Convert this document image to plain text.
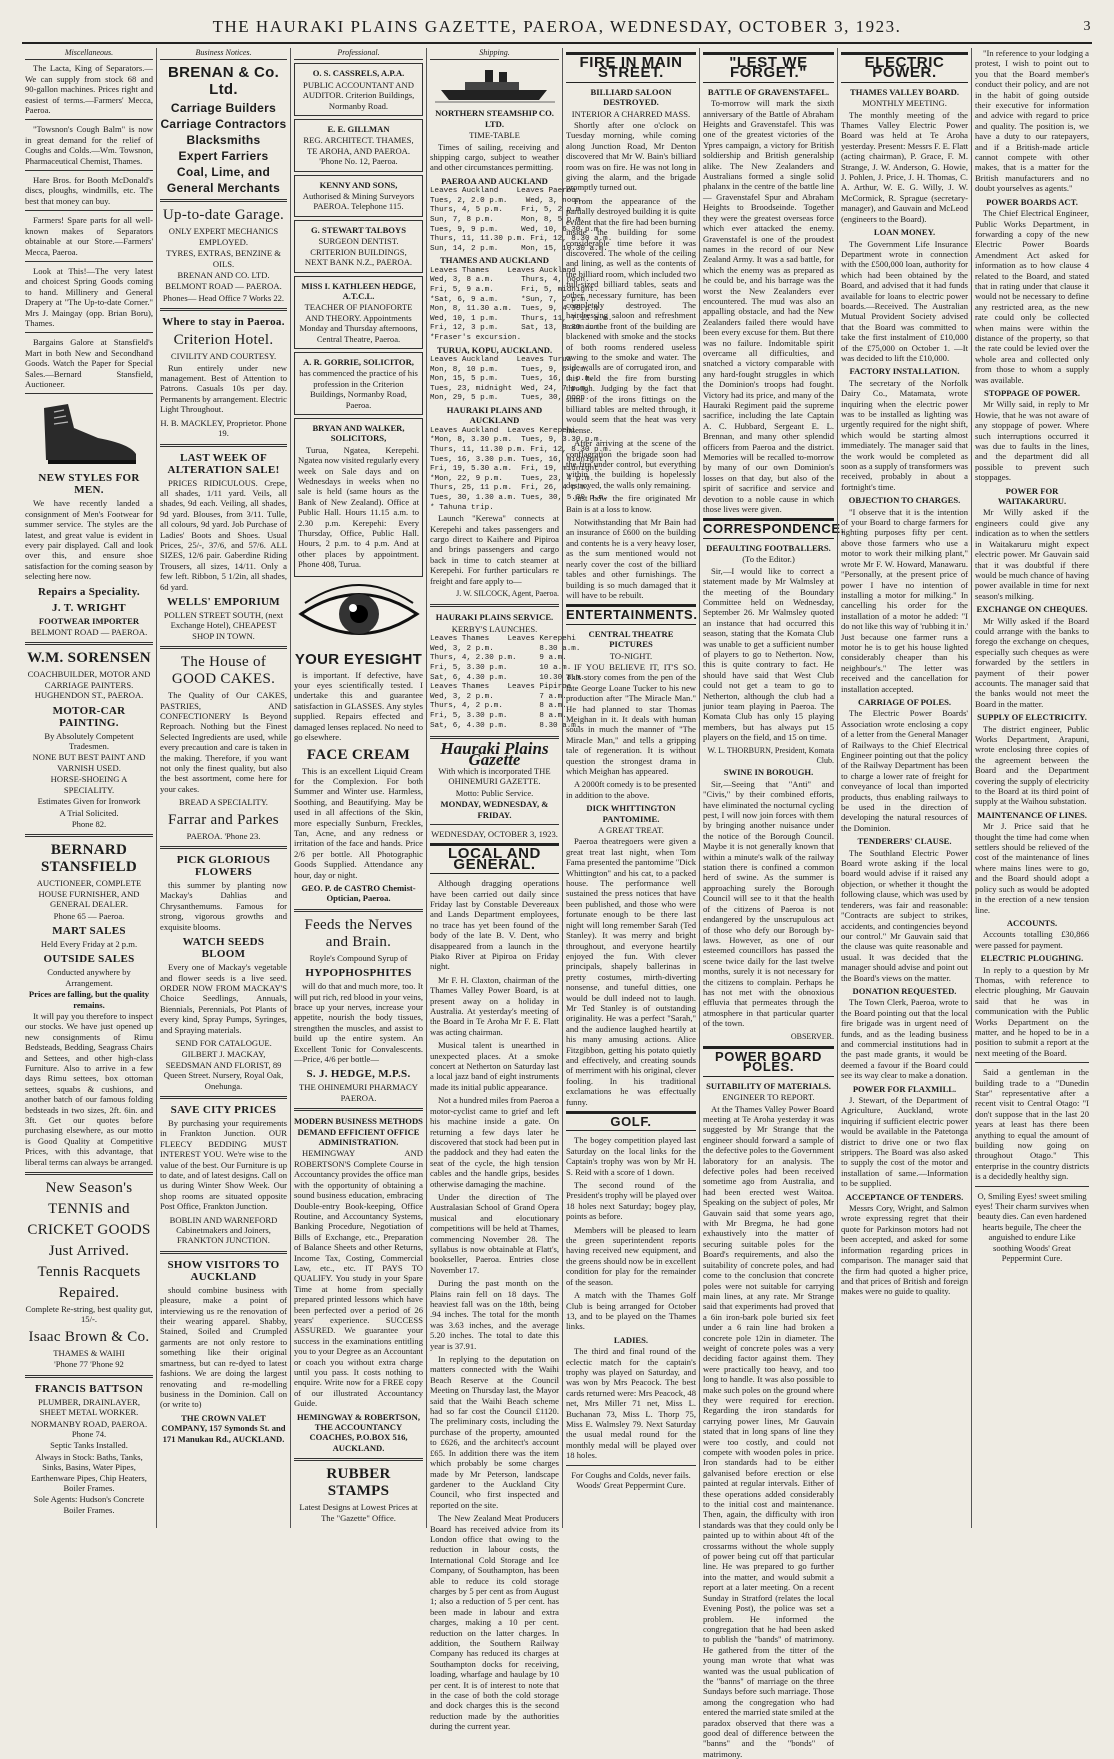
THE HAURAKI PLAINS GAZETTE, PAEROA, WEDNESDAY, OCTOBER 3, 1923.	3
Miscellaneous.

The Lacta, King of Separators.—We can supply from stock 68 and 90-gallon machines. Prices right and easiest of terms.—Farmers' Mecca, Paeroa.

"Towsnon's Cough Balm" is now in great demand for the relief of Coughs and Colds.—Wm. Towsnon, Pharmaceutical Chemist, Thames.

Hare Bros. for Booth McDonald's discs, ploughs, windmills, etc. The best that money can buy.

Farmers! Spare parts for all well-known makes of Separators obtainable at our Store.—Farmers' Mecca, Paeroa.

Look at This!—The very latest and choicest Spring Goods coming to hand. Millinery and General Drapery at "The Up-to-date Corner." Mrs J. Maingay (opp. Brian Boru), Thames.

Bargains Galore at Stansfield's Mart in both New and Secondhand Goods. Watch the Paper for Special Sales.—Bernard Stansfield, Auctioneer.

NEW STYLES FOR MEN.

We have recently landed a consignment of Men's Footwear for summer service. The styles are the latest, and great value is evident in every pair displayed. Call and look over this, and ensure shoe satisfaction for the coming season by selecting here now.

Repairs a Speciality.
J. T. WRIGHT
FOOTWEAR IMPORTER
BELMONT ROAD — PAEROA.
W.M. SORENSEN
COACHBUILDER, MOTOR AND CARRIAGE PAINTERS. HUGHENDON ST., PAEROA.
MOTOR-CAR PAINTING.
By Absolutely Competent Tradesmen.
NONE BUT BEST PAINT AND VARNISH USED.
HORSE-SHOEING A SPECIALITY.
Estimates Given for Ironwork
A Trial Solicited.
Phone 82.
BERNARD STANSFIELD
AUCTIONEER, COMPLETE HOUSE FURNISHER, AND GENERAL DEALER.
Phone 65 — Paeroa.
MART SALES
Held Every Friday at 2 p.m.
OUTSIDE SALES
Conducted anywhere by Arrangement.
Prices are falling, but the quality remains.

It will pay you therefore to inspect our stocks. We have just opened up new consignments of Rimu Bedsteads, Bedding, Seagrass Chairs and Settees, and other high-class Furniture. Also to arrive in a few days Rimu settees, box ottoman settees, squabs & cushions, and another batch of our famous folding bedsteads in two sizes, 2ft. 6in. and 3ft. Get our quotes before purchasing elsewhere, as our motto is Good Quality at Competitive Prices, with this advantage, that liberal terms can always be arranged.

New Season's
TENNIS and
CRICKET GOODS
Just Arrived.
Tennis Racquets
Repaired.
Complete Re-string, best quality gut, 15/-.
Isaac Brown & Co.
THAMES & WAIHI
'Phone 77 'Phone 92
FRANCIS BATTSON
PLUMBER, DRAINLAYER, SHEET METAL WORKER.
NORMANBY ROAD, PAEROA. Phone 74.
Septic Tanks Installed.
Always in Stock: Baths, Tanks, Sinks, Basins, Water Pipes, Earthenware Pipes, Chip Heaters, Boiler Frames.
Sole Agents: Hudson's Concrete Boiler Frames.
Business Notices.
BRENAN & Co. Ltd.
Carriage Builders
Carriage Contractors
Blacksmiths
Expert Farriers
Coal, Lime, and
General Merchants
Up-to-date Garage.
ONLY EXPERT MECHANICS EMPLOYED.
TYRES, EXTRAS, BENZINE & OILS.
BRENAN AND CO. LTD.
BELMONT ROAD — PAEROA.
Phones— Head Office 7 Works 22.
Where to stay in Paeroa.
Criterion Hotel.
CIVILITY AND COURTESY.

Run entirely under new management. Best of Attention to Patrons. Casuals 10s per day. Permanents by arrangement. Electric Light Throughout.

H. B. MACKLEY, Proprietor. Phone 19.
LAST WEEK OF ALTERATION SALE!

PRICES RIDICULOUS. Crepe, all shades, 1/11 yard. Veils, all shades, 9d each. Veiling, all shades, 9d yard. Blouses, from 3/11. Tulle, all colours, 9d yard. Job Purchase of Ladies' Boots and Shoes. Usual Prices, 25/-, 37/6, and 57/6. ALL SIZES, 12/6 pair. Gaberdine Riding Trousers, all sizes, 14/11. Only a few left. Ribbon, 5 1/2in, all shades, 6d yard.

WELLS' EMPORIUM
POLLEN STREET SOUTH, (next Exchange Hotel), CHEAPEST SHOP IN TOWN.
The House of GOOD CAKES.

The Quality of Our CAKES, PASTRIES, AND CONFECTIONERY Is Beyond Reproach. Nothing but the Finest Selected Ingredients are used, while every precaution and care is taken in the making. Therefore, if you want not only the finest quality, but also the best assortment, come here for your cakes.

BREAD A SPECIALITY.
Farrar and Parkes
PAEROA. 'Phone 23.
PICK GLORIOUS FLOWERS

this summer by planting now Mackay's Dahlias and Chrysanthemums. Famous for strong, vigorous growths and exquisite blooms.

WATCH SEEDS BLOOM

Every one of Mackay's vegetable and flower seeds is a live seed. ORDER NOW FROM MACKAY'S Choice Seedlings, Annuals, Biennials, Perennials, Pot Plants of every kind, Spray Pumps, Syringes, and Spraying materials.

SEND FOR CATALOGUE.
GILBERT J. MACKAY, SEEDSMAN AND FLORIST, 89 Queen Street. Nursery, Royal Oak, Onehunga.
SAVE CITY PRICES

By purchasing your requirements in Frankton Junction. OUR FLEECY BEDDING MUST INTEREST YOU. We're wise to the value of the best. Our Furniture is up to date, and of latest designs. Call on us during Winter Show Week. Our shop rooms are situated opposite Post Office, Frankton Junction.

BOBLIN AND WARNEFORD Cabinetmakers and Joiners, FRANKTON JUNCTION.
SHOW VISITORS TO AUCKLAND

should combine business with pleasure, make a point of interviewing us re the renovation of their wearing apparel. Shabby, Stained, Soiled and Crumpled garments are not only restore to something like their original smartness, but can re-dyed to latest fashions. We are doing the largest renovating and re-modelling business in the Dominion. Call on (or write to)

THE CROWN VALET COMPANY, 157 Symonds St. and 171 Manukau Rd., AUCKLAND.
Professional.
O. S. CASSRELS, A.P.A.
PUBLIC ACCOUNTANT AND AUDITOR. Criterion Buildings, Normanby Road.
E. E. GILLMAN
REG. ARCHITECT. THAMES, TE AROHA, AND PAEROA. 'Phone No. 12, Paeroa.
KENNY AND SONS,
Authorised & Mining Surveyors PAEROA. Telephone 115.
G. STEWART TALBOYS
SURGEON DENTIST. CRITERION BUILDINGS, NEXT BANK N.Z., PAEROA.
MISS I. KATHLEEN HEDGE, A.T.C.L.
TEACHER OF PIANOFORTE AND THEORY. Appointments Monday and Thursday afternoons, Central Theatre, Paeroa.
A. R. GORRIE, SOLICITOR,
has commenced the practice of his profession in the Criterion Buildings, Normanby Road, Paeroa.
BRYAN AND WALKER, SOLICITORS,

Turua, Ngatea, Kerepehi. Ngatea now visited regularly every week on Sale days and on Wednesdays in weeks when no sale is held (same hours as the Bank of New Zealand). Office at Public Hall. Hours 11.15 a.m. to 2.30 p.m. Kerepehi: Every Thursday, Office, Public Hall. Hours, 2 p.m. to 4 p.m. And at other places by appointment. Phone 408, Turua.

YOUR EYESIGHT

is important. If defective, have your eyes scientifically tested. I undertake this and guarantee satisfaction in GLASSES. Any styles supplied. Repairs effected and damaged lenses replaced. No need to go elsewhere.

FACE CREAM

This is an excellent Liquid Cream for the Complexion. For both Summer and Winter use. Harmless, Soothing, and Beautifying. May be used in all affections of the Skin, more especially Sunburn, Freckles, Tan, Acne, and any redness or irritation of the face and hands. Price 2/6 per bottle. All Photographic Goods Supplied. Attendance any hour, day or night.

GEO. P. de CASTRO Chemist-Optician, Paeroa.
Feeds the Nerves and Brain.
Royle's Compound Syrup of
HYPOPHOSPHITES

will do that and much more, too. It will put rich, red blood in your veins, brace up your nerves, increase your appetite, nourish the body tissues, strengthen the muscles, and assist to build up the entire system. An Excellent Tonic for Convalescents. —Price, 4/6 per bottle—

S. J. HEDGE, M.P.S.
THE OHINEMURI PHARMACY PAEROA.
MODERN BUSINESS METHODS DEMAND EFFICIENT OFFICE ADMINISTRATION.

HEMINGWAY AND ROBERTSON'S Complete Course in Accountancy provides the office man with the opportunity of obtaining a sound business education, embracing Double-entry Book-keeping, Office Routine, and Accountancy Systems, Banking Procedure, Negotiation of Bills of Exchange, etc., Preparation of Balance Sheets and other Returns, Income Tax, Costing, Commercial Law, etc., etc. IT PAYS TO QUALIFY. You study in your Spare Time at home from specially prepared printed lessons which have been perfected over a period of 26 years' experience. SUCCESS ASSURED. We guarantee your success in the examinations entitling you to your Degree as an Accountant or coach you without extra charge until you pass. It costs nothing to enquire. Write now for a FREE copy of our illustrated Accountancy Guide.

HEMINGWAY & ROBERTSON, THE ACCOUNTANCY COACHES, P.O.BOX 516, AUCKLAND.
RUBBER STAMPS
Latest Designs at Lowest Prices at The "Gazette" Office.
Shipping.
NORTHERN STEAMSHIP CO. LTD.
TIME-TABLE

Times of sailing, receiving and shipping cargo, subject to weather and other circumstances permitting.

PAEROA AND AUCKLAND
Leaves Auckland    Leaves Paeroa
Tues, 2, 2.0 p.m.    Wed, 3, noon.
Thurs, 4, 5 p.m.    Fri, 5, 2 p.m.
Sun, 7, 8 p.m.      Mon, 8, 5 p.m.
Tues, 9, 9 p.m.     Wed, 10, 6.30 p.m.
Thurs, 11, 11.30 p.m. Fri, 12, 8.30 a.m.
Sun, 14, 2 p.m.     Mon, 15, 10.30 a.m.
THAMES AND AUCKLAND
Leaves Thames    Leaves Auckland
Wed, 3, 8 a.m.      Thurs, 4, noon.
Fri, 5, 9 a.m.      Fri, 5, midnight.
*Sat, 6, 9 a.m.     *Sun, 7, 2 p.m.
Mon, 8, 11.30 a.m.  Tues, 9, 4.30 p.m.
Wed, 10, 1 p.m.     Thurs, 11, 7.15 a.m.
Fri, 12, 3 p.m.     Sat, 13, 8.30 a.m.
*Fraser's excursion.
TURUA, KOPU, AUCKLAND.
Leaves Auckland    Leaves Turua
Mon, 8, 10 p.m.     Tues, 9, 6 p.m.
Mon, 15, 5 p.m.     Tues, 16, 1 p.m.
Tues, 23, midnight  Wed, 24, 7 p.m.
Mon, 29, 5 p.m.     Tues, 30, noon.
HAURAKI PLAINS AND AUCKLAND
Leaves Auckland  Leaves Kerepehi
*Mon, 8, 3.30 p.m.  Tues, 9, 3.30 p.m.
Thurs, 11, 11.30 p.m. Fri, 12, 8.30 p.m.
Tues, 16, 3.30 p.m. Tues, 16, midnight.
Fri, 19, 5.30 a.m.  Fri, 19, midnight.
*Mon, 22, 9 p.m.    Tues, 23, 4 p.m.
Thurs, 25, 11 p.m.  Fri, 26, 4 p.m.
Tues, 30, 1.30 a.m. Tues, 30, 5.30 p.m.
* Tahuna trip.

Launch "Kerewa" connects at Kerepehi and takes passengers and cargo direct to Kaihere and Pipiroa and brings passengers and cargo back in time to catch steamer at Kerepehi. For further particulars re freight and fare apply to—

J. W. SILCOCK, Agent, Paeroa.
HAURAKI PLAINS SERVICE.
KERBY'S LAUNCHES.
Leaves Thames    Leaves Kerepehi
Wed, 3, 2 p.m.          8.30 a.m.
Thurs, 4, 2.30 p.m.     9 a.m.
Fri, 5, 3.30 p.m.       10 a.m.
Sat, 6, 4.30 p.m.       10.30 a.m.
Leaves Thames    Leaves Pipiroa
Wed, 3, 2 p.m.          7 a.m.
Thurs, 4, 2 p.m.        8 a.m.
Fri, 5, 3.30 p.m.       8 a.m.
Sat, 6, 4.30 p.m.       8.30 a.m.
Hauraki Plains Gazette
With which is incorporated THE OHINEMURI GAZETTE.
Motto: Public Service.
MONDAY, WEDNESDAY, & FRIDAY.
WEDNESDAY, OCTOBER 3, 1923.
LOCAL AND GENERAL.

Although dragging operations have been carried out daily since Friday last by Constable Devereaux and Lands Department employees, no trace has yet been found of the body of the late B. V. Dent, who disappeared from a launch in the Piako River at Pipiroa on Friday night.

Mr F. H. Claxton, chairman of the Thames Valley Power Board, is at present away on a holiday in Australia. At yesterday's meeting of the Board in Te Aroha Mr F. E. Flatt was acting chairman.

Musical talent is unearthed in unexpected places. At a smoke concert at Netherton on Saturday last a local jazz band of eight instruments made its initial public appearance.

Not a hundred miles from Paeroa a motor-cyclist came to grief and left his machine inside a gate. On returning a few days later he discovered that stock had been put in the paddock and they had eaten the seat of the cycle, the high tension cables and the handle grips, besides otherwise damaging the machine.

Under the direction of The Australasian School of Grand Opera musical and elocutionary competitions will be held at Thames, commencing November 28. The syllabus is now obtainable at Flatt's, bookseller, Paeroa. Entries close November 17.

During the past month on the Plains rain fell on 18 days. The heaviest fall was on the 18th, being .94 inches. The total for the month was 3.63 inches, and the average 5.20 inches. The total to date this year is 37.91.

In replying to the deputation on matters connected with the Waihi Beach Reserve at the Council Meeting on Thursday last, the Mayor said that the Waihi Beach scheme had so far cost the Council £1120. The preliminary costs, including the purchase of the property, amounted to £626, and the architect's account £65. In addition there was the item which probably be some charges made by Mr Peterson, landscape gardener to the Auckland City Council, who first inspected and reported on the site.

The New Zealand Meat Producers Board has received advice from its London office that owing to the reduction in labour costs, the International Cold Storage and Ice Company, of Southampton, has been able to reduce its cold storage charges by 5 per cent as from August 1; also a reduction of 5 per cent. has been made in labour and extra charges, making a 10 per cent. reduction on the latter charges. In addition, the Southern Railway Company has reduced its charges at Southampton docks for receiving, loading, wharfage and haulage by 10 per cent. It is of interest to note that in the case of both the cold storage and dock charges this is the second reduction made by the authorities during the current year.

FIRE IN MAIN STREET.
BILLIARD SALOON DESTROYED.
INTERIOR A CHARRED MASS.

Shortly after one o'clock on Tuesday morning, while coming along Junction Road, Mr Denton discovered that Mr W. Bain's billiard room was on fire. He was not long in giving the alarm, and the brigade promptly turned out.

From the appearance of the partially destroyed building it is quite evident that the fire had been burning inside the building for some considerable time before it was discovered. The whole of the ceiling and lining, as well as the contents of the billiard room, which included two full-sized billiard tables, seats and other necessary furniture, has been completely destroyed. The hairdressing saloon and refreshment room in the front of the building are blackened with smoke and the stocks of both rooms rendered useless owing to the smoke and water. The side walls are of corrugated iron, and this held the fire from bursting through. Judging by the fact that some of the irons fittings on the billiard tables are melted through, it would seem that the heat was very intense.

After arriving at the scene of the conflagration the brigade soon had the fire under control, but everything within the building is hopelessly destroyed, the walls only remaining.

Just how the fire originated Mr Bain is at a loss to know.

Notwithstanding that Mr Bain had an insurance of £600 on the building and contents he is a very heavy loser, as the sum mentioned would not nearly cover the cost of the billiard tables and other furnishings. The building is so much damaged that it will have to be rebuilt.

ENTERTAINMENTS.
CENTRAL THEATRE PICTURES
TO-NIGHT.

IF YOU BELIEVE IT, IT'S SO. This story comes from the pen of the late George Loane Tucker to his new production after "The Miracle Man." He had planned to star Thomas Meighan in it. It deals with human souls in much the manner of "The Miracle Man," and tells a gripping tale of regeneration. It is without question the strongest drama in which Meighan has appeared.

A 2000ft comedy is to be presented in addition to the above.

DICK WHITTINGTON PANTOMIME.
A GREAT TREAT.

Paeroa theatregoers were given a great treat last night, when Tom Fama presented the pantomime "Dick Whittington" and his cat, to a packed house. The performance well sustained the press notices that have been published, and those who were fortunate enough to be there last night will long remember Sarah (Ted Stanley). It was merry and bright throughout, and everyone heartily enjoyed the fun. With clever principals, shapely ballerinas in pretty costumes, mirth-diverting nonsense, and tuneful ditties, one would be dull indeed not to laugh. Mr Ted Stanley is of outstanding originality. He was a perfect "Sarah," and the audience laughed heartily at his many amusing actions. Alice Fitzgibbon, getting his potato quietly and effectively, and creating sounds of merriment with his original, clever fooling. In his traditional exclamations he was effectually funny.

GOLF.

The bogey competition played last Saturday on the local links for the Captain's trophy was won by Mr H. S. Reid with a score of 1 down.

The second round of the President's trophy will be played over 18 holes next Saturday; bogey play, points as before.

Members will be pleased to learn the green superintendent reports having received new equipment, and the greens should now be in excellent condition for play for the remainder of the season.

A match with the Thames Golf Club is being arranged for October 13, and to be played on the Thames links.

LADIES.

The third and final round of the eclectic match for the captain's trophy was played on Saturday, and was won by Mrs Peacock. The best cards returned were: Mrs Peacock, 48 net, Mrs Miller 71 net, Miss L. Buchanan 73, Miss L. Thorp 75, Miss E. Walmsley 79. Next Saturday the usual medal round for the monthly medal will be played over 18 holes.

For Coughs and Colds, never fails. Woods' Great Peppermint Cure.
"LEST WE FORGET."
BATTLE OF GRAVENSTAFEL.

To-morrow will mark the sixth anniversary of the Battle of Abraham Heights and Gravenstafel. This was one of the greatest victories of the Ypres campaign, a victory for British soldiership and British generalship alike. The New Zealanders and Australians formed a single solid phalanx in the centre of the battle line — Gravenstafel Spur and Abraham Heights to Broodseinde. Together they were the greatest overseas force which ever attacked the enemy. Gravenstafel is one of the proudest names in the record of our New Zealand Army. It was a sad battle, for which the enemy was as prepared as he could be, and his barrage was the worst the New Zealanders ever encountered. The mud was also an appalling obstacle, and had the New Zealanders failed there would have been every excuse for them. But there was no failure. Indomitable spirit overcame all difficulties, and snatched a victory comparable with any hard-fought struggles in which the Dominion's troops had fought. Victory had its price, and many of the Hauraki Regiment paid the supreme sacrifice, including the late Captain A. C. Hubbard, Sergeant E. L. Brennan, and many other splendid officers from Paeroa and the district. Memories will be recalled to-morrow by many of our own Dominion's losses on that day, but also of the spirit of sacrifice and service and devotion to a noble cause in which those lives were given.

CORRESPONDENCE.
DEFAULTING FOOTBALLERS.
(To the Editor.)

Sir,—I would like to correct a statement made by Mr Walmsley at the meeting of the Boundary Committee held on Wednesday, September 26. Mr Walmsley quoted an instance that had occurred this season, stating that the Komata Club was unable to get a sufficient number of players to go to Netherton. Now, this is quite contrary to fact. He should have said that West Club could not get a team to go to Netherton, although the club had a junior team playing in Paeroa. The Komata Club has only 15 playing members, but has always put 15 players on the field, and 15 on time.

W. L. THORBURN, President, Komata Club.
SWINE IN BOROUGH.

Sir,—Seeing that "Anti" and "Civis," by their combined efforts, have eliminated the nocturnal cycling pest, I will now join forces with them by bringing another nuisance under the notice of the Borough Council. Maybe it is not generally known that within a minute's walk of the railway station there is confined a common herd of swine. As the summer is approaching surely the Borough Council will see to it that the health of the citizens of Paeroa is not endangered by the unscrupulous act of those who defy our Borough by-laws. However, as one of our esteemed councillors has passed the scene twice daily for the last twelve months, surely it is not necessary for the citizens to complain. Perhaps he has not met with the obnoxious effluvia that permeates through the atmosphere in that particular quarter of the town.

OBSERVER.
POWER BOARD POLES.
SUITABILITY OF MATERIALS.
ENGINEER TO REPORT.

At the Thames Valley Power Board meeting at Te Aroha yesterday it was suggested by Mr Strange that the engineer should forward a sample of the defective poles to the Government laboratory for an analysis. The defective poles had been received sometime ago from Australia, and had been erected west Waitoa. Speaking on the subject of poles, Mr Gauvain said that some years ago, with Mr Bregma, he had gone exhaustively into the matter of securing suitable poles for the Board's requirements, and also the suitability of concrete poles, and had come to the conclusion that concrete poles were not suitable for carrying main lines, at any rate. Mr Strange said that experiments had proved that a 6in iron-bark pole buried six feet under a 6 rain line had broken a concrete pole 12in in diameter. The weight of concrete poles was a very deciding factor against them. They were practically too heavy, and too long to handle. It was also possible to make such poles on the ground where they were required for erection. Regarding the iron standards for carrying power lines, Mr Gauvain stated that in long spans of line they were too costly, and could not compete with wooden poles in price. Iron standards had to be either galvanised before erection or else painted at regular intervals. Either of these operations added considerably to the initial cost and maintenance. Then, again, the difficulty with iron standards was that they could only be painted up to within about 4ft of the crossarms without the whole supply of power being cut off that particular line. He was prepared to go further into the matter, and would submit a report at a later meeting. On a recent Sunday in Stratford (relates the local Evening Post), the police was set a problem. He informed the congregation that he had been asked to publish the "bands" of matrimony. He gathered from the titter of the young man wrote that what was wanted was the usual publication of the "banns" of marriage on the three Sundays before such marriage. Those among the congregation who had entered the married state smiled at the paradox observed that there was a good deal of difference between the "banns" and the "bonds" of matrimony.

ELECTRIC POWER.
THAMES VALLEY BOARD.
MONTHLY MEETING.

The monthly meeting of the Thames Valley Electric Power Board was held at Te Aroha yesterday. Present: Messrs F. E. Flatt (acting chairman), P. Grace, F. M. Strange, J. W. Anderson, G. Howie, J. Pohlen, J. Price, J. H. Thomas, C. A. Arthur, W. E. G. Willy, J. W. McCormick, R. Sprague (secretary-manager), and Gauvain and McLeod (engineers to the Board).

LOAN MONEY.

The Government Life Insurance Department wrote in connection with the £500,000 loan, authority for which had been obtained by the Board, and advised that it had funds available for loans to electric power boards.—Received. The Australian Mutual Provident Society advised that the Board was committed to take the first instalment of £10,000 of the £75,000 on October 1. —It was decided to lift the £10,000.

FACTORY INSTALLATION.

The secretary of the Norfolk Dairy Co., Matamata, wrote inquiring when the electric power was to be installed as lighting was urgently required for the night shift, which would be starting almost immediately. The manager said that the work would be completed as soon as a supply of transformers was received, probably in about a fortnight's time.

OBJECTION TO CHARGES.

"I observe that it is the intention of your Board to charge farmers for lighting purposes fifty per cent. above those farmers who use a motor to work their milking plant," wrote Mr F. W. Howard, Manawaru. "Personally, at the present price of power I have no intention of installing a motor for milking." In cancelling his order for the installation of a motor he added: "I do not like this way of 'rubbing it in.' Just because one farmer runs a motor he is to get his house lighted considerably cheaper than his neighbour's." The letter was received and the cancellation for installation accepted.

CARRIAGE OF POLES.

The Electric Power Boards' Association wrote enclosing a copy of a letter from the General Manager of Railways to the Chief Electrical Engineer pointing out that the policy of the Railway Department has been to charge a lower rate of freight for conveyance of local than imported products, thus enabling railways to be used in the direction of developing the natural resources of the Dominion.

TENDERERS' CLAUSE.

The Southland Electric Power Board wrote asking if the local board would advise if it raised any objection, or whether it thought the following clause, which was used by tenderers, was fair and reasonable: "Contracts are subject to strikes, accidents, and contingencies beyond our control." Mr Gauvain said that the clause was quite reasonable and usual. It was decided that the manager should advise and point out the Board's views on the matter.

DONATION REQUESTED.

The Town Clerk, Paeroa, wrote to the Board pointing out that the local fire brigade was in urgent need of funds, and as the leading business and commercial institutions had in the past made grants, it would be deemed a favour if the Board could see its way clear to make a donation.

POWER FOR FLAXMILL.

J. Stewart, of the Department of Agriculture, Auckland, wrote inquiring if sufficient electric power would be available in the Patetonga district to drive one or two flax strippers. The Board was also asked to supply the cost of the motor and installation of same.—Information to be supplied.

ACCEPTANCE OF TENDERS.

Messrs Cory, Wright, and Salmon wrote expressing regret that their quote for Parkinson motors had not been accepted, and asked for some information regarding prices in comparison. The manager said that the firm had quoted a higher price, and that prices of British and foreign makes were no guide to quality.

"In reference to your lodging a protest, I wish to point out to you that the Board member's conduct their policy, and are not in the habit of going outside their executive for information and advice with regard to price and quality. The position is, we have a duty to our ratepayers, and if a British-made article cannot compete with other makes, that is a matter for the British manufacturers and no doubt yourselves as agents."

POWER BOARDS ACT.

The Chief Electrical Engineer, Public Works Department, in forwarding a copy of the new Electric Power Boards Amendment Act asked for information as to how clause 4 related to the Board, and stated that in rating under that clause it would not be necessary to define any restricted area, as the new rate could only be collected when mains were within the distance of the property, so that the rate could be levied over the whole area and collected only from those to whom a supply was available.

STOPPAGE OF POWER.

Mr Willy said, in reply to Mr Howie, that he was not aware of any stoppage of power. Where such interruptions occurred it was due to faults in the lines, and the department did all possible to prevent such stoppages.

POWER FOR WAITAKARURU.

Mr Willy asked if the engineers could give any indication as to when the settlers in Waitakaruru might expect electric power. Mr Gauvain said that it was doubtful if there would be much chance of having power available in time for next season's milking.

EXCHANGE ON CHEQUES.

Mr Willy asked if the Board could arrange with the banks to forego the exchange on cheques, especially such cheques as were forwarded by the settlers in payment of their power accounts. The manager said that the banks would not meet the Board in the matter.

SUPPLY OF ELECTRICITY.

The district engineer, Public Works Department, Arapuni, wrote enclosing three copies of the agreement between the Board and the Department covering the supply of electricity to the Board at its third point of supply at the Waihou substation.

MAINTENANCE OF LINES.

Mr J. Price said that he thought the time had come when settlers should be relieved of the cost of the maintenance of lines where mains lines were to go, and the Board should adopt a policy such as would be adopted in the erection of a new tension line.

ACCOUNTS.

Accounts totalling £30,866 were passed for payment.

ELECTRIC PLOUGHING.

In reply to a question by Mr Thomas, with reference to electric ploughing, Mr Gauvain said that he was in communication with the Public Works Department on the matter, and he hoped to be in a position to submit a report at the next meeting of the Board.

Said a gentleman in the building trade to a "Dunedin Star" representative after a recent visit to Central Otago: "I don't suppose that in the last 20 years at least has there been anything to equal the amount of building now going on throughout Otago." This enterprise in the country districts is a decidedly healthy sign.

O, Smiling Eyes! sweet smiling eyes! Their charm survives when beauty dies. Can even hardened hearts beguile, The cheer the anguished to endure Like soothing Woods' Great Peppermint Cure.
